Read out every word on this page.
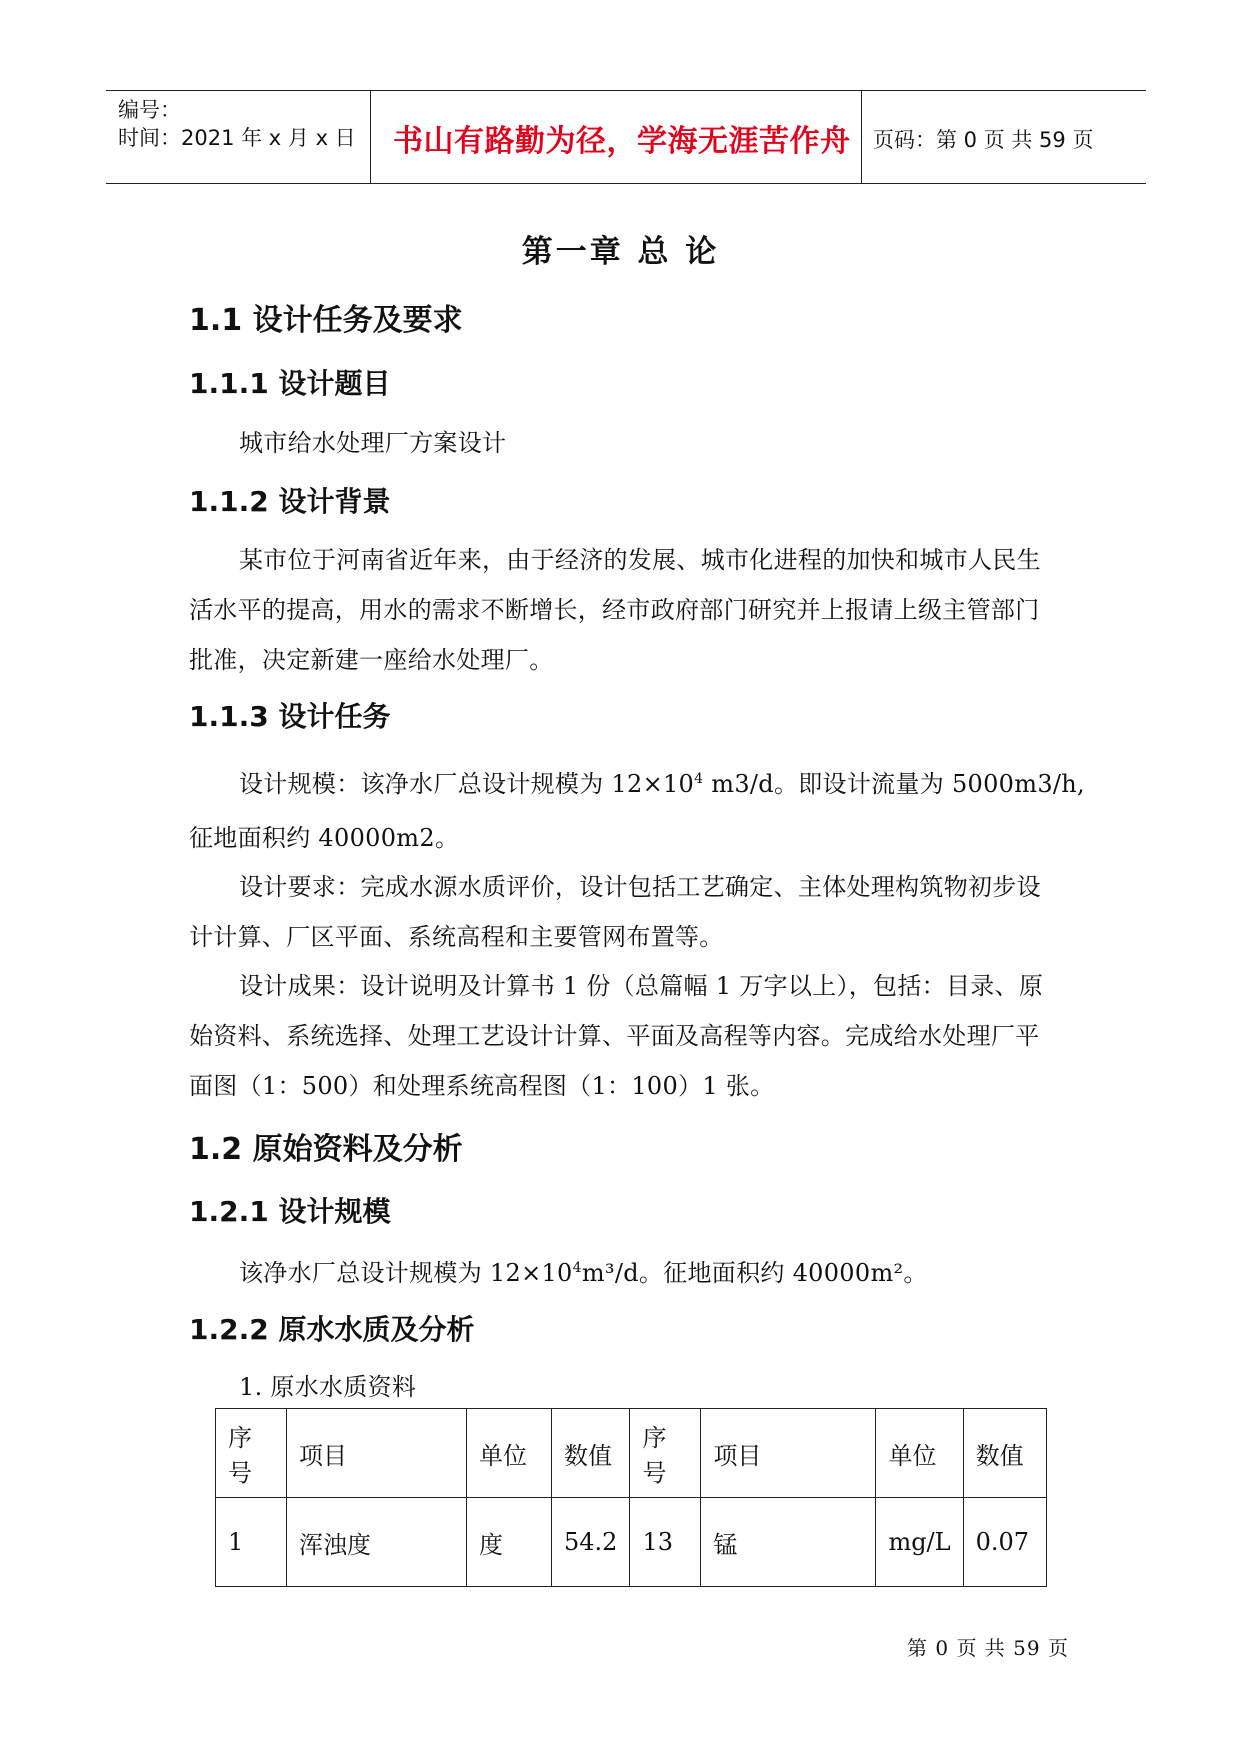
编号：
时间：2021 年 x 月 x 日 书山有路勤为径，学海无涯苦作舟 页码：第 0 页 共 59 页
第一章 总 论
1.1 设计任务及要求
1.1.1 设计题目
城市给水处理厂方案设计
1.1.2 设计背景
某市位于河南省近年来，由于经济的发展、城市化进程的加快和城市人民生
活水平的提高，用水的需求不断增长，经市政府部门研究并上报请上级主管部门
批准，决定新建一座给水处理厂。
1.1.3 设计任务
设计规模：该净水厂总设计规模为 $12\times 10^4$ m3/d。即设计流量为 5000m3/h,
征地面积约 40000m2。
设计要求：完成水源水质评价，设计包括工艺确定、主体处理构筑物初步设
计计算、厂区平面、系统高程和主要管网布置等。
设计成果：设计说明及计算书 1 份（总篇幅 1 万字以上），包括：目录、原
始资料、系统选择、处理工艺设计计算、平面及高程等内容。完成给水处理厂平
面图（1：500）和处理系统高程图（1：100）1 张。
1.2 原始资料及分析
1.2.1 设计规模
该净水厂总设计规模为 $12\times 10^4m^3/d$。征地面积约 40000m²。
1.2.2 原水水质及分析
1. 原水水质资料
序号	项目	单位	数值	序号	项目	单位	数值
1	浑浊度	度	54.2	13	锰	mg/L	0.07
第 0 页 共 59 页
